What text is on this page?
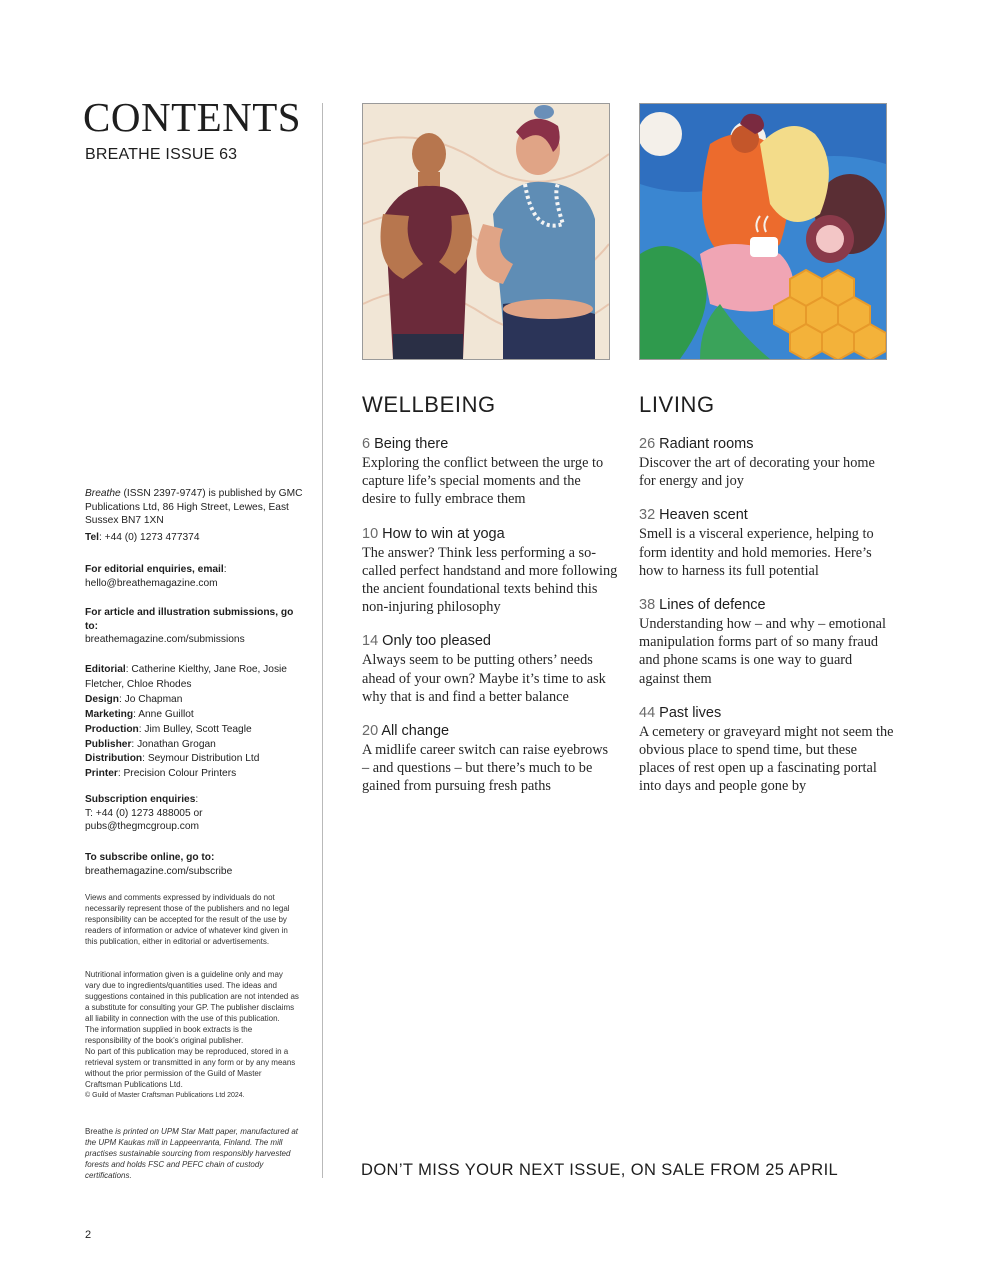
CONTENTS
BREATHE ISSUE 63
Breathe (ISSN 2397-9747) is published by GMC Publications Ltd, 86 High Street, Lewes, East Sussex BN7 1XN
Tel: +44 (0) 1273 477374
For editorial enquiries, email:
hello@breathemagazine.com
For article and illustration submissions, go to:
breathemagazine.com/submissions
Editorial: Catherine Kielthy, Jane Roe, Josie Fletcher, Chloe Rhodes
Design: Jo Chapman
Marketing: Anne Guillot
Production: Jim Bulley, Scott Teagle
Publisher: Jonathan Grogan
Distribution: Seymour Distribution Ltd
Printer: Precision Colour Printers
Subscription enquiries:
T: +44 (0) 1273 488005 or
pubs@thegmcgroup.com
To subscribe online, go to:
breathemagazine.com/subscribe
Views and comments expressed by individuals do not necessarily represent those of the publishers and no legal responsibility can be accepted for the result of the use by readers of information or advice of whatever kind given in this publication, either in editorial or advertisements.
Nutritional information given is a guideline only and may vary due to ingredients/quantities used. The ideas and suggestions contained in this publication are not intended as a substitute for consulting your GP. The publisher disclaims all liability in connection with the use of this publication.
The information supplied in book extracts is the responsibility of the book’s original publisher.
No part of this publication may be reproduced, stored in a retrieval system or transmitted in any form or by any means without the prior permission of the Guild of Master Craftsman Publications Ltd.
© Guild of Master Craftsman Publications Ltd 2024.
Breathe is printed on UPM Star Matt paper, manufactured at the UPM Kaukas mill in Lappeenranta, Finland. The mill practises sustainable sourcing from responsibly harvested forests and holds FSC and PEFC chain of custody certifications.
2
WELLBEING	LIVING
6 Being there
Exploring the conflict between the urge to capture life’s special moments and the desire to fully embrace them
10 How to win at yoga
The answer? Think less performing a so-called perfect handstand and more following the ancient foundational texts behind this non-injuring philosophy
14 Only too pleased
Always seem to be putting others’ needs ahead of your own? Maybe it’s time to ask why that is and find a better balance
20 All change
A midlife career switch can raise eyebrows – and questions – but there’s much to be gained from pursuing fresh paths
26 Radiant rooms
Discover the art of decorating your home for energy and joy
32 Heaven scent
Smell is a visceral experience, helping to form identity and hold memories. Here’s how to harness its full potential
38 Lines of defence
Understanding how – and why – emotional manipulation forms part of so many fraud and phone scams is one way to guard against them
44 Past lives
A cemetery or graveyard might not seem the obvious place to spend time, but these places of rest open up a fascinating portal into days and people gone by
DON’T MISS YOUR NEXT ISSUE, ON SALE FROM 25 APRIL
